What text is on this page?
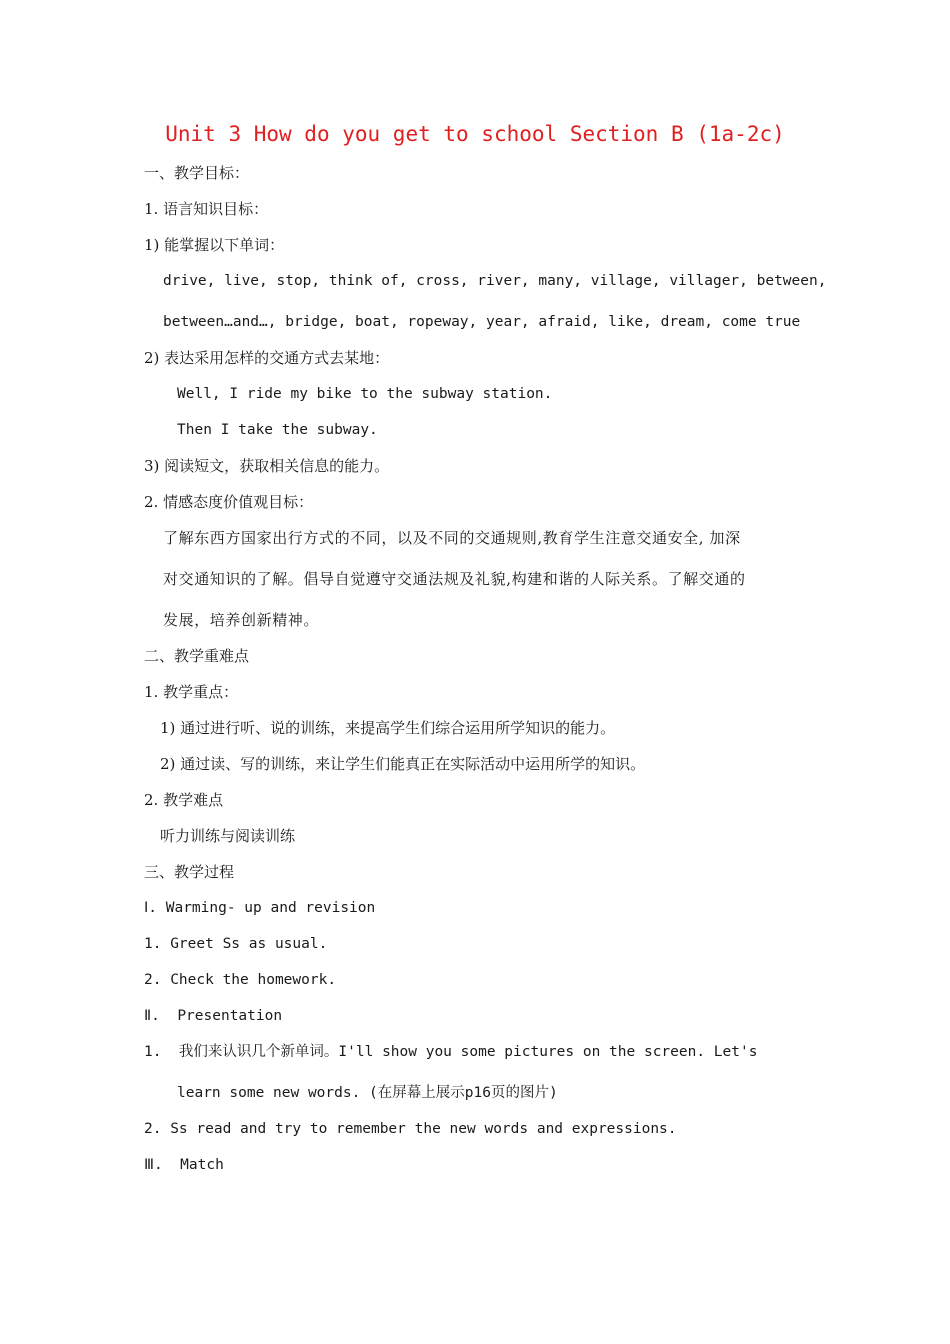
Unit 3 How do you get to school Section B (1a-2c)
一、教学目标：
1. 语言知识目标：
1) 能掌握以下单词：
drive, live, stop, think of, cross, river, many, village, villager, between,
between…and…, bridge, boat, ropeway, year, afraid, like, dream, come true
2) 表达采用怎样的交通方式去某地：
Well, I ride my bike to the subway station.
Then I take the subway.
3) 阅读短文，获取相关信息的能力。
2. 情感态度价值观目标：
了解东西方国家出行方式的不同，以及不同的交通规则,教育学生注意交通安全, 加深
对交通知识的了解。倡导自觉遵守交通法规及礼貌,构建和谐的人际关系。了解交通的
发展，培养创新精神。
二、教学重难点
1. 教学重点：
1) 通过进行听、说的训练，来提高学生们综合运用所学知识的能力。
2) 通过读、写的训练，来让学生们能真正在实际活动中运用所学的知识。
2. 教学难点
听力训练与阅读训练
三、教学过程
Ⅰ. Warming- up and revision
1. Greet Ss as usual.
2. Check the homework.
Ⅱ.  Presentation
1.  我们来认识几个新单词。I'll show you some pictures on the screen. Let's
learn some new words. (在屏幕上展示p16页的图片)
2. Ss read and try to remember the new words and expressions.
Ⅲ.  Match
